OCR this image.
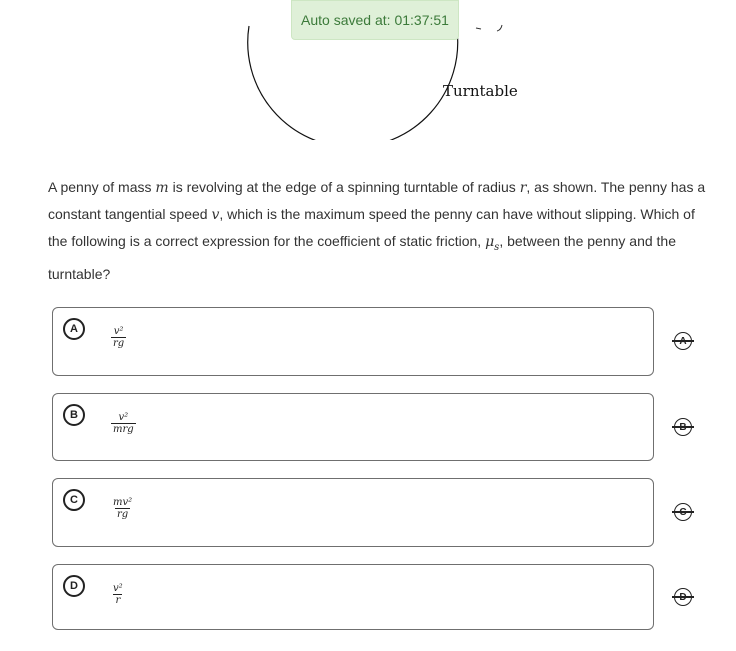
Turntable
Auto saved at: 01:37:51
A penny of mass m is revolving at the edge of a spinning turntable of radius r, as shown. The penny has a constant tangential speed v, which is the maximum speed the penny can have without slipping. Which of the following is a correct expression for the coefficient of static friction, $\mu_s$, between the penny and the turntable?
A	$\frac{\text{v²}}{rg}$
B	v²
mrg
C	$\frac{\text{mv²}}{rg}$
D	$\frac{\text{v²}}{r}$
